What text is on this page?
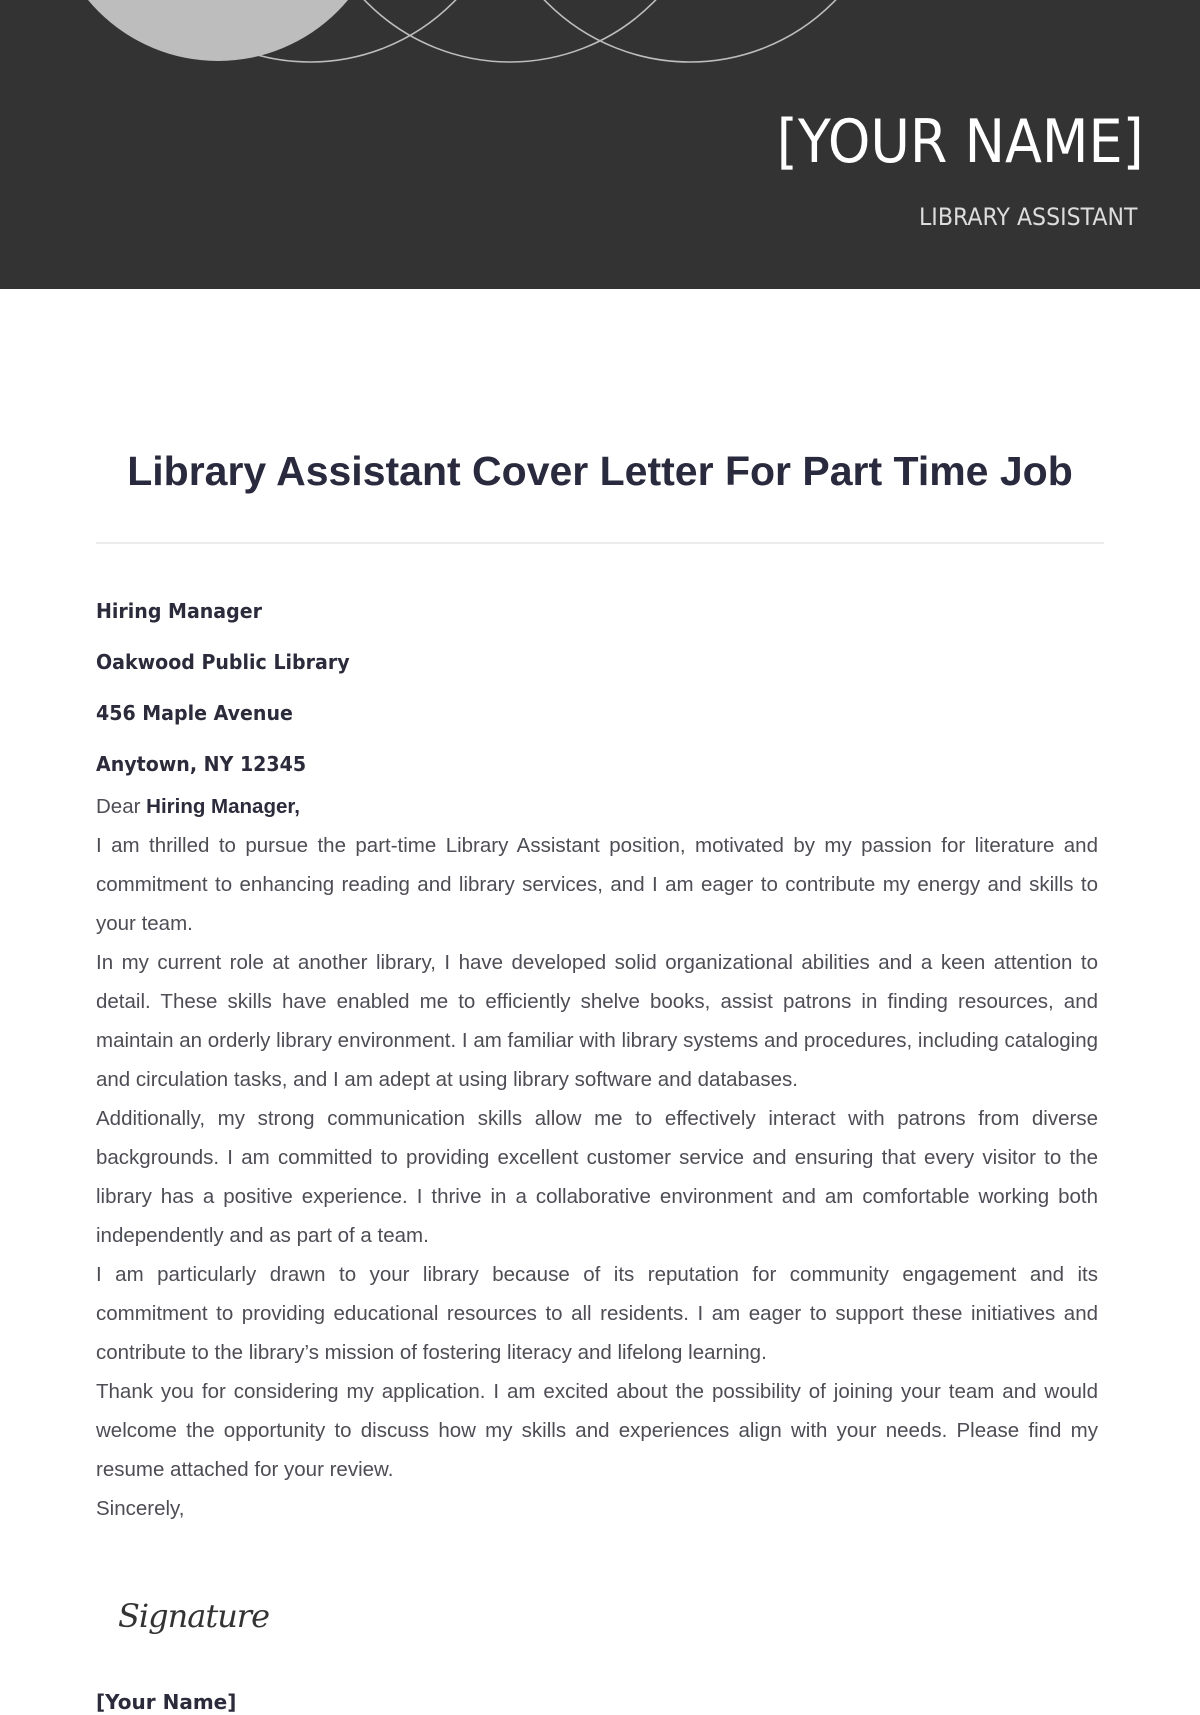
[YOUR NAME]
LIBRARY ASSISTANT
Library Assistant Cover Letter For Part Time Job
Hiring Manager
Oakwood Public Library
456 Maple Avenue
Anytown, NY 12345

Dear Hiring Manager,

I am thrilled to pursue the part-time Library Assistant position, motivated by my passion for literature and commitment to enhancing reading and library services, and I am eager to contribute my energy and skills to your team.

In my current role at another library, I have developed solid organizational abilities and a keen attention to detail. These skills have enabled me to efficiently shelve books, assist patrons in finding resources, and maintain an orderly library environment. I am familiar with library systems and procedures, including cataloging and circulation tasks, and I am adept at using library software and databases.

Additionally, my strong communication skills allow me to effectively interact with patrons from diverse backgrounds. I am committed to providing excellent customer service and ensuring that every visitor to the library has a positive experience. I thrive in a collaborative environment and am comfortable working both independently and as part of a team.

I am particularly drawn to your library because of its reputation for community engagement and its commitment to providing educational resources to all residents. I am eager to support these initiatives and contribute to the library’s mission of fostering literacy and lifelong learning.

Thank you for considering my application. I am excited about the possibility of joining your team and would welcome the opportunity to discuss how my skills and experiences align with your needs. Please find my resume attached for your review.

Sincerely,

Signature
[Your Name]
